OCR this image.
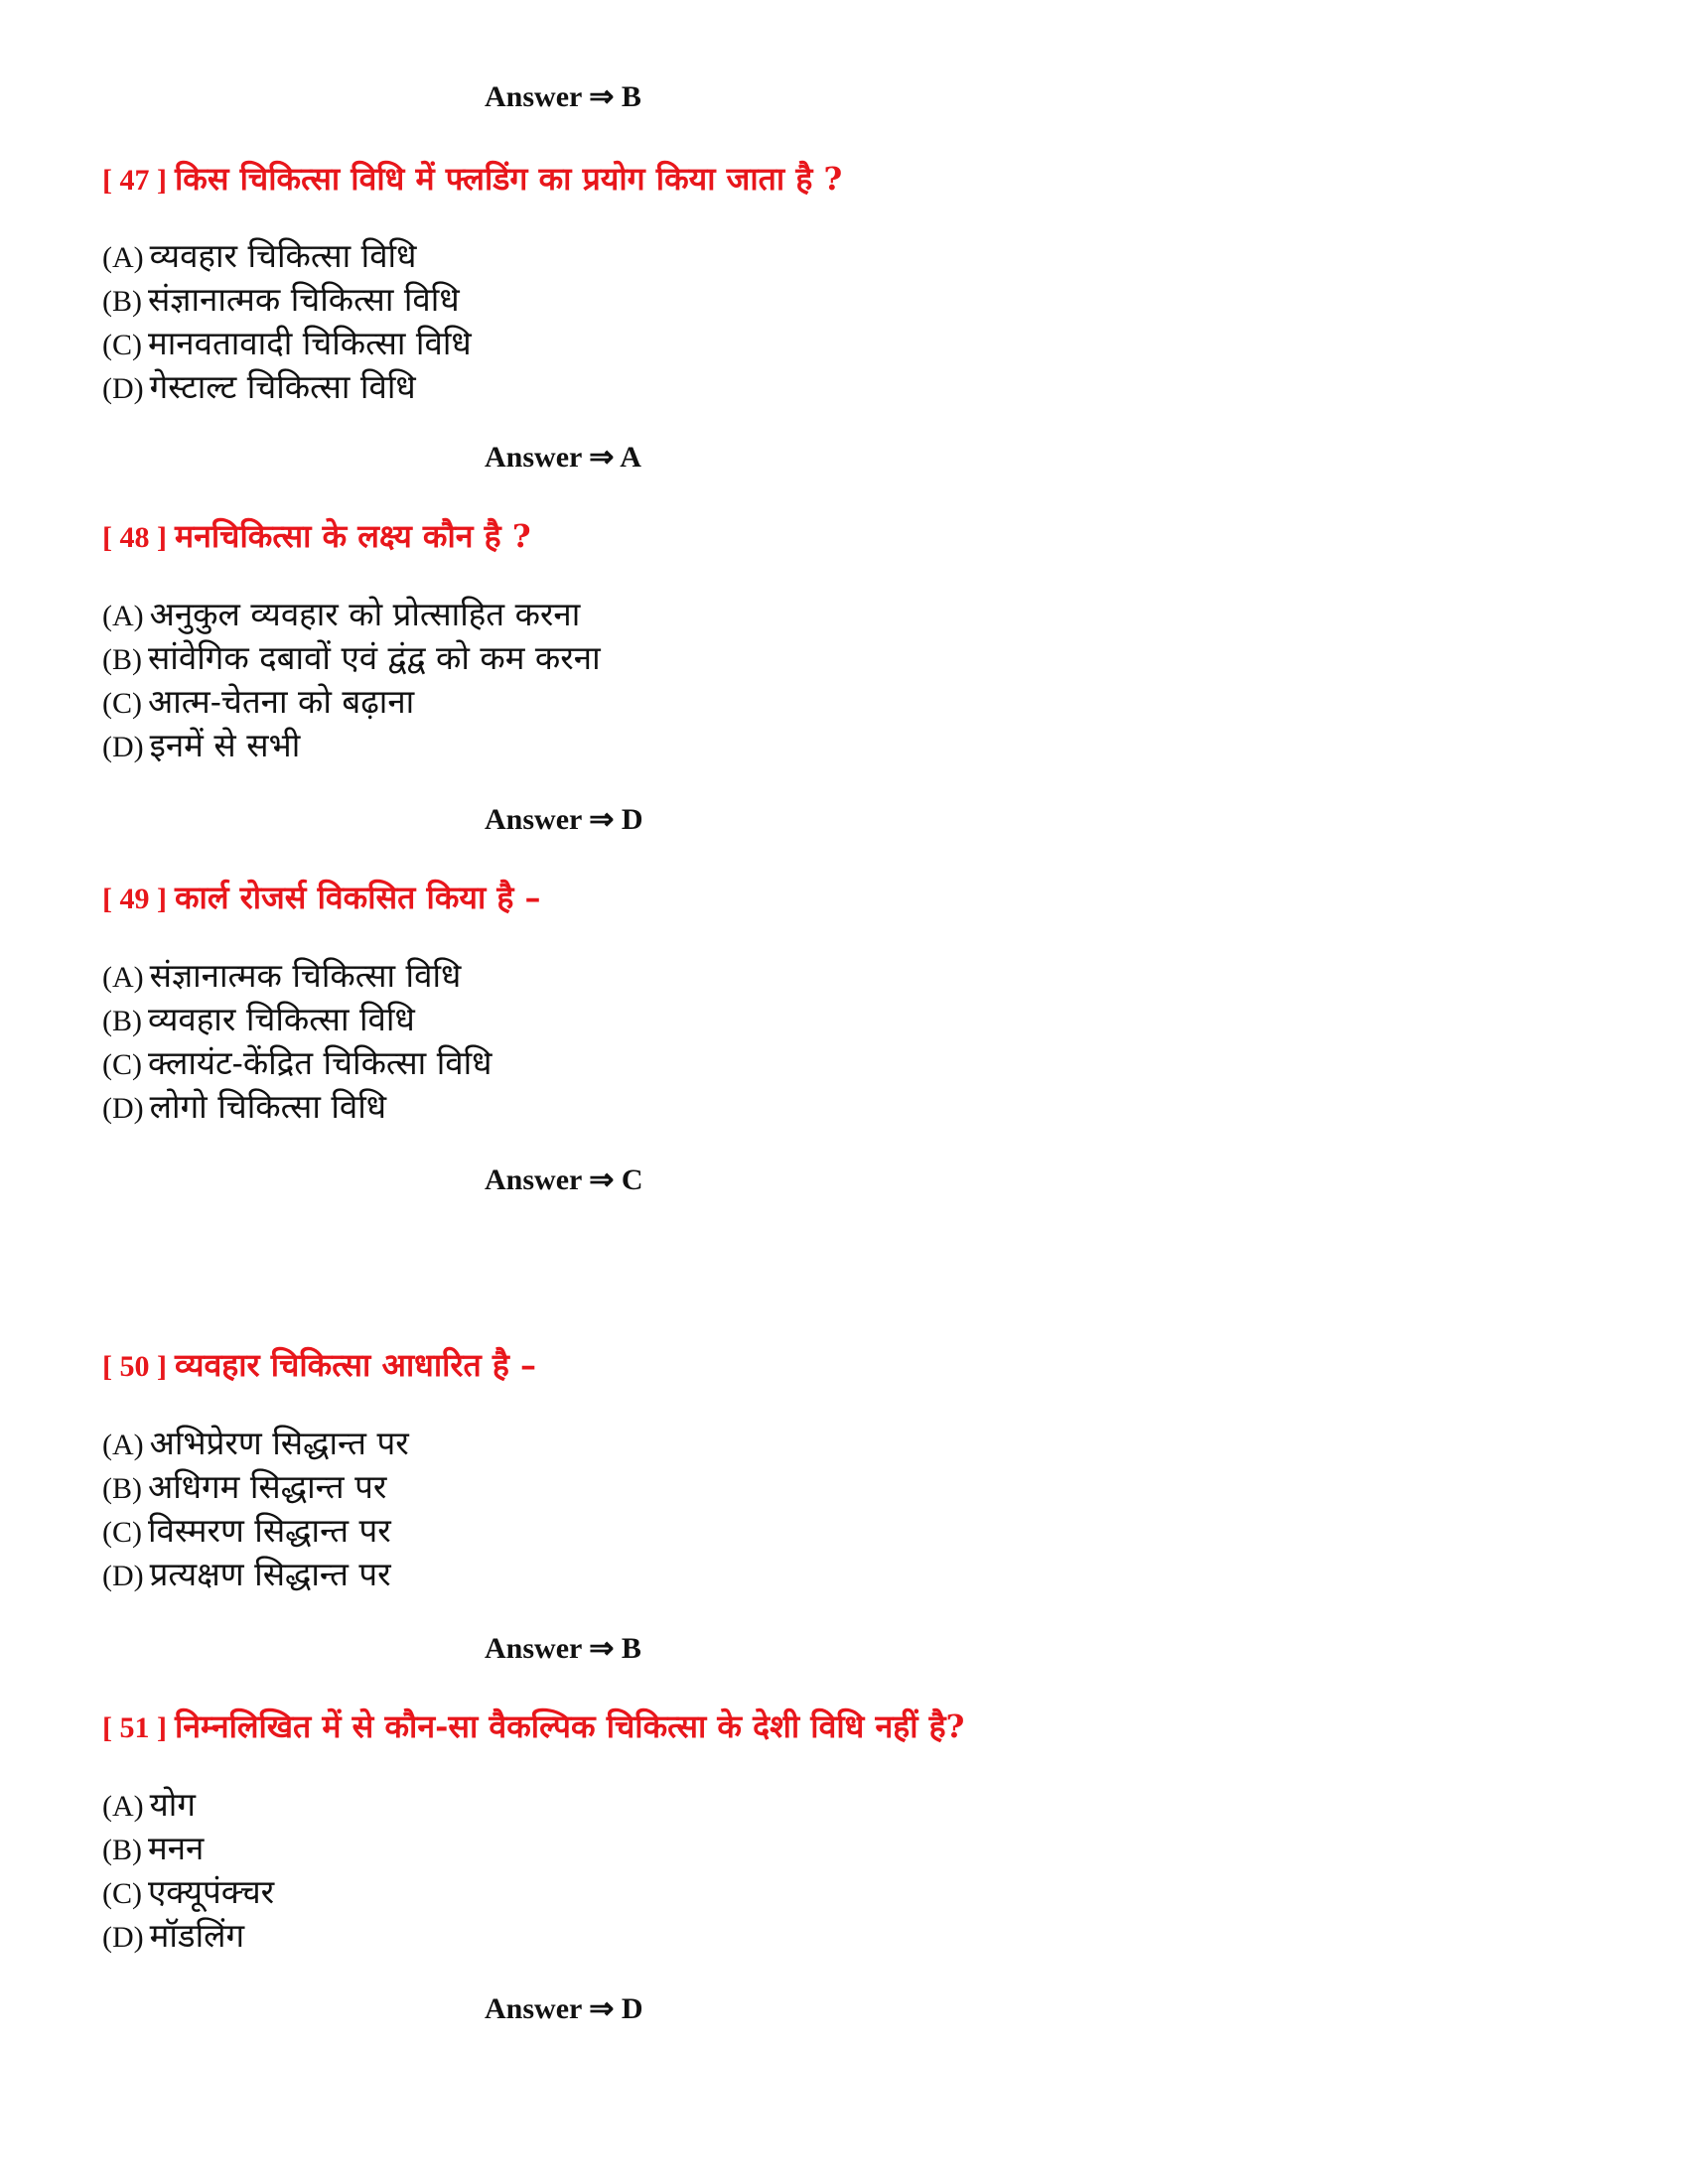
Answer ⇒ B
[ 47 ] किस चिकित्सा विधि में फ्लडिंग का प्रयोग किया जाता है ?
(A) व्यवहार चिकित्सा विधि
(B) संज्ञानात्मक चिकित्सा विधि
(C) मानवतावादी चिकित्सा विधि
(D) गेस्टाल्ट चिकित्सा विधि
Answer ⇒ A
[ 48 ] मनचिकित्सा के लक्ष्य कौन है ?
(A) अनुकुल व्यवहार को प्रोत्साहित करना
(B) सांवेगिक दबावों एवं द्वंद्व को कम करना
(C) आत्म-चेतना को बढ़ाना
(D) इनमें से सभी
Answer ⇒ D
[ 49 ] कार्ल रोजर्स विकसित किया है –
(A) संज्ञानात्मक चिकित्सा विधि
(B) व्यवहार चिकित्सा विधि
(C) क्लायंट-केंद्रित चिकित्सा विधि
(D) लोगो चिकित्सा विधि
Answer ⇒ C
[ 50 ] व्यवहार चिकित्सा आधारित है –
(A) अभिप्रेरण सिद्धान्त पर
(B) अधिगम सिद्धान्त पर
(C) विस्मरण सिद्धान्त पर
(D) प्रत्यक्षण सिद्धान्त पर
Answer ⇒ B
[ 51 ] निम्नलिखित में से कौन-सा वैकल्पिक चिकित्सा के देशी विधि नहीं है?
(A) योग
(B) मनन
(C) एक्यूपंक्चर
(D) मॉडलिंग
Answer ⇒ D
